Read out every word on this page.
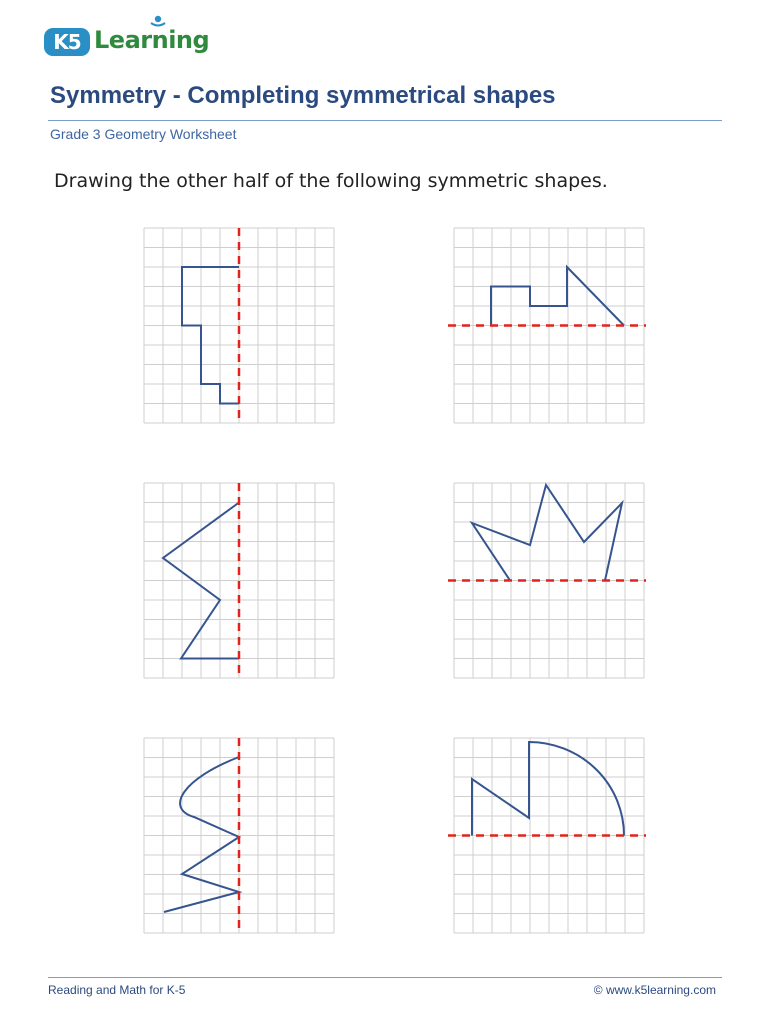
K5 Learning
Symmetry - Completing symmetrical shapes
Grade 3 Geometry Worksheet
Drawing the other half of the following symmetric shapes.
Reading and Math for K-5	© www.k5learning.com
